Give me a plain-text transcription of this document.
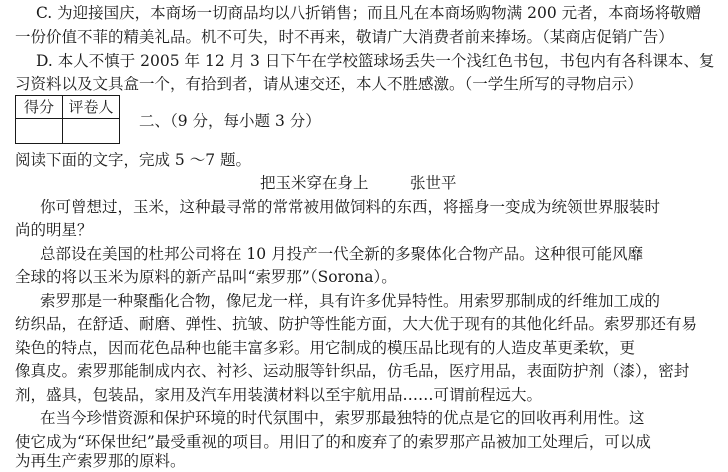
C. 为迎接国庆，本商场一切商品均以八折销售；而且凡在本商场购物满 200 元者，本商场将敬赠
一份价值不菲的精美礼品。机不可失，时不再来，敬请广大消费者前来捧场。（某商店促销广告）
D. 本人不慎于 2005 年 12 月 3 日下午在学校篮球场丢失一个浅红色书包，书包内有各科课本、复
习资料以及文具盒一个，有拾到者，请从速交还，本人不胜感激。（一学生所写的寻物启示）
得分	评卷人

二、（9 分，每小题 3 分）
阅读下面的文字，完成 5 ～7 题。
把玉米穿在身上	张世平
你可曾想过，玉米，这种最寻常的常常被用做饲料的东西，将摇身一变成为统领世界服装时
尚的明星？
总部设在美国的杜邦公司将在 10 月投产一代全新的多聚体化合物产品。这种很可能风靡
全球的将以玉米为原料的新产品叫“索罗那”（Sorona）。
索罗那是一种聚酯化合物，像尼龙一样，具有许多优异特性。用索罗那制成的纤维加工成的
纺织品，在舒适、耐磨、弹性、抗皱、防护等性能方面，大大优于现有的其他化纤品。索罗那还有易
染色的特点，因而花色品种也能丰富多彩。用它制成的模压品比现有的人造皮革更柔软，更
像真皮。索罗那能制成内衣、衬衫、运动服等针织品，仿毛品，医疗用品，表面防护剂（漆），密封
剂，盛具，包装品，家用及汽车用装潢材料以至宇航用品……可谓前程远大。
在当今珍惜资源和保护环境的时代氛围中，索罗那最独特的优点是它的回收再利用性。这
使它成为“环保世纪”最受重视的项目。用旧了的和废弃了的索罗那产品被加工处理后，可以成
为再生产索罗那的原料。
